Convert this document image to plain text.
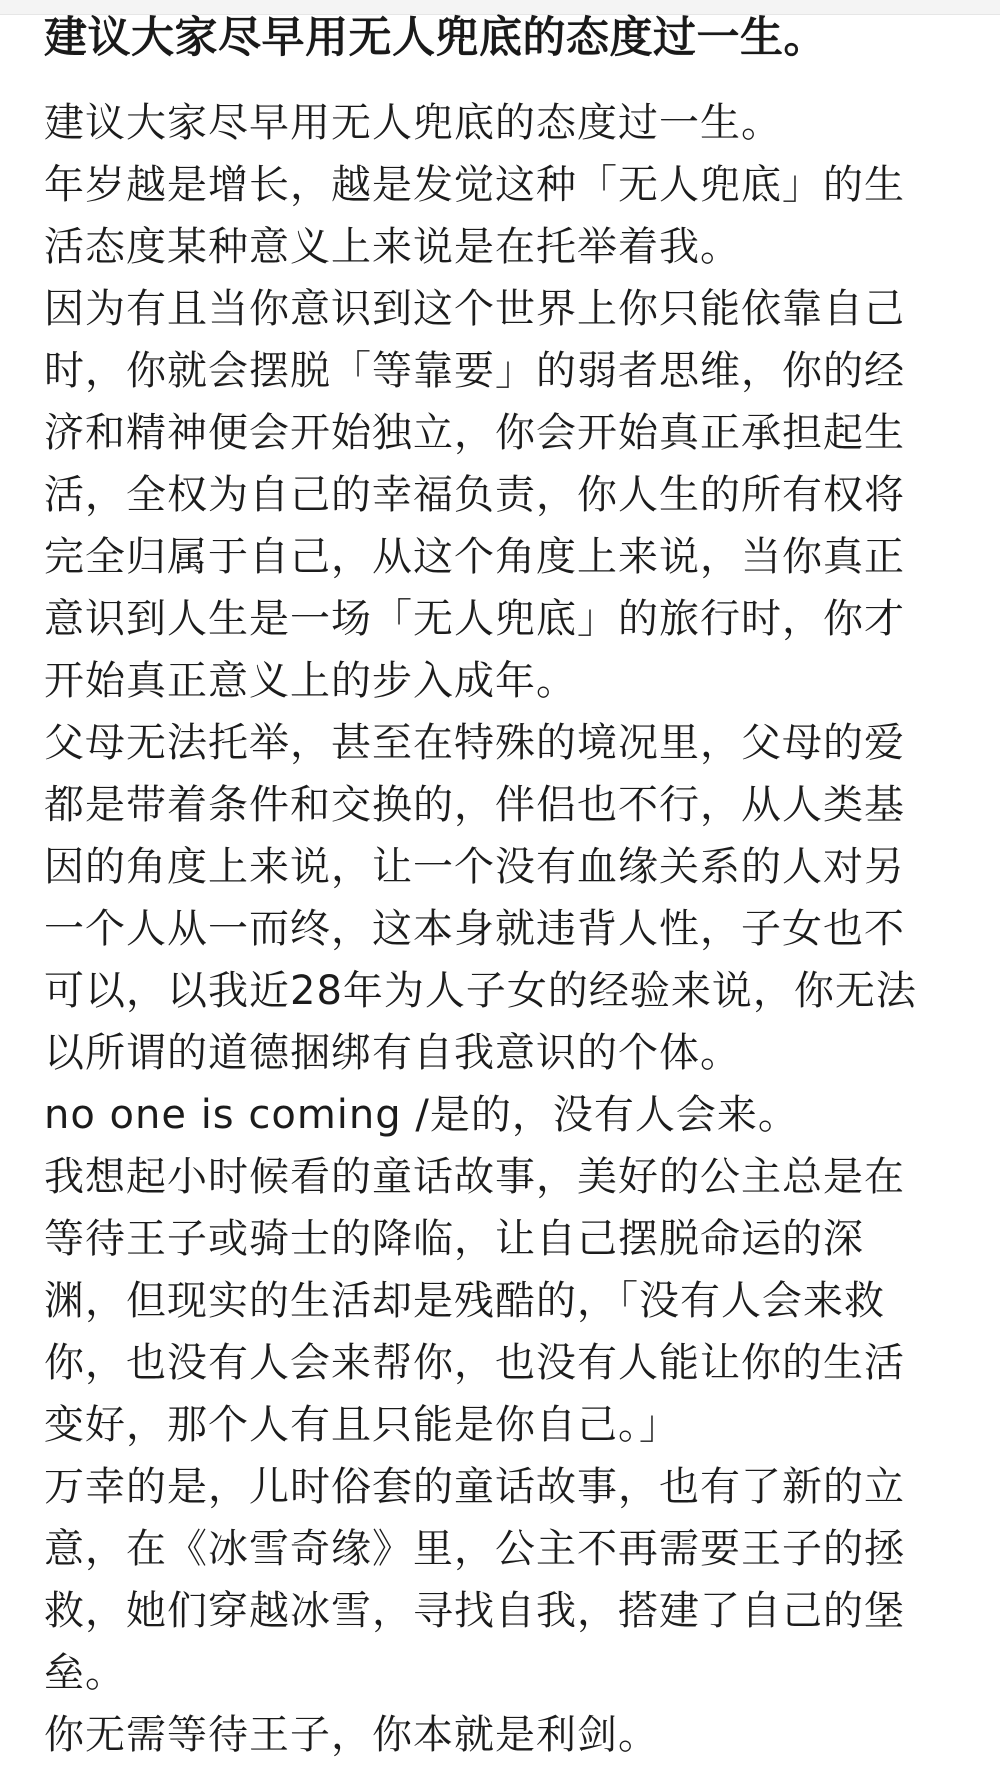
建议大家尽早用无人兜底的态度过一生。

建议大家尽早用无人兜底的态度过一生。

年岁越是增长，越是发觉这种「无人兜底」的生
活态度某种意义上来说是在托举着我。

因为有且当你意识到这个世界上你只能依靠自己
时，你就会摆脱「等靠要」的弱者思维，你的经
济和精神便会开始独立，你会开始真正承担起生
活，全权为自己的幸福负责，你人生的所有权将
完全归属于自己，从这个角度上来说，当你真正
意识到人生是一场「无人兜底」的旅行时，你才
开始真正意义上的步入成年。

父母无法托举，甚至在特殊的境况里，父母的爱
都是带着条件和交换的，伴侣也不行，从人类基
因的角度上来说，让一个没有血缘关系的人对另
一个人从一而终，这本身就违背人性，子女也不
可以，以我近28年为人子女的经验来说，你无法
以所谓的道德捆绑有自我意识的个体。

no one is coming /是的，没有人会来。

我想起小时候看的童话故事，美好的公主总是在
等待王子或骑士的降临，让自己摆脱命运的深
渊，但现实的生活却是残酷的，「没有人会来救
你，也没有人会来帮你，也没有人能让你的生活
变好，那个人有且只能是你自己。」

万幸的是，儿时俗套的童话故事，也有了新的立
意，在《冰雪奇缘》里，公主不再需要王子的拯
救，她们穿越冰雪，寻找自我，搭建了自己的堡
垒。

你无需等待王子，你本就是利剑。
